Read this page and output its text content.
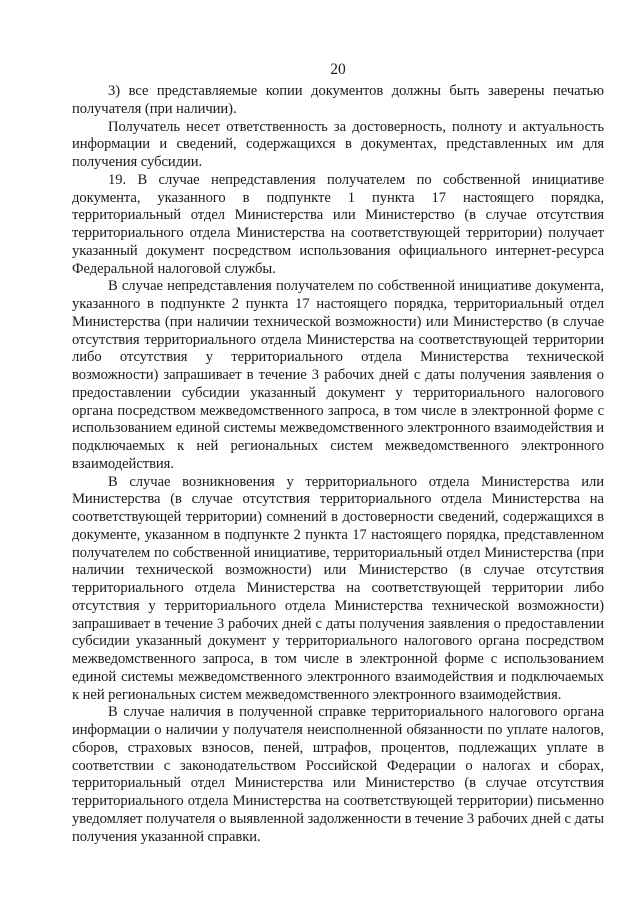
20

3) все представляемые копии документов должны быть заверены печатью получателя (при наличии).

Получатель несет ответственность за достоверность, полноту и актуальность информации и сведений, содержащихся в документах, представленных им для получения субсидии.

19. В случае непредставления получателем по собственной инициативе документа, указанного в подпункте 1 пункта 17 настоящего порядка, территориальный отдел Министерства или Министерство (в случае отсутствия территориального отдела Министерства на соответствующей территории) получает указанный документ посредством использования официального интернет-ресурса Федеральной налоговой службы.

В случае непредставления получателем по собственной инициативе документа, указанного в подпункте 2 пункта 17 настоящего порядка, территориальный отдел Министерства (при наличии технической возможности) или Министерство (в случае отсутствия территориального отдела Министерства на соответствующей территории либо отсутствия у территориального отдела Министерства технической возможности) запрашивает в течение 3 рабочих дней с даты получения заявления о предоставлении субсидии указанный документ у территориального налогового органа посредством межведомственного запроса, в том числе в электронной форме с использованием единой системы межведомственного электронного взаимодействия и подключаемых к ней региональных систем межведомственного электронного взаимодействия.

В случае возникновения у территориального отдела Министерства или Министерства (в случае отсутствия территориального отдела Министерства на соответствующей территории) сомнений в достоверности сведений, содержащихся в документе, указанном в подпункте 2 пункта 17 настоящего порядка, представленном получателем по собственной инициативе, территориальный отдел Министерства (при наличии технической возможности) или Министерство (в случае отсутствия территориального отдела Министерства на соответствующей территории либо отсутствия у территориального отдела Министерства технической возможности) запрашивает в течение 3 рабочих дней с даты получения заявления о предоставлении субсидии указанный документ у территориального налогового органа посредством межведомственного запроса, в том числе в электронной форме с использованием единой системы межведомственного электронного взаимодействия и подключаемых к ней региональных систем межведомственного электронного взаимодействия.

В случае наличия в полученной справке территориального налогового органа информации о наличии у получателя неисполненной обязанности по уплате налогов, сборов, страховых взносов, пеней, штрафов, процентов, подлежащих уплате в соответствии с законодательством Российской Федерации о налогах и сборах, территориальный отдел Министерства или Министерство (в случае отсутствия территориального отдела Министерства на соответствующей территории) письменно уведомляет получателя о выявленной задолженности в течение 3 рабочих дней с даты получения указанной справки.
